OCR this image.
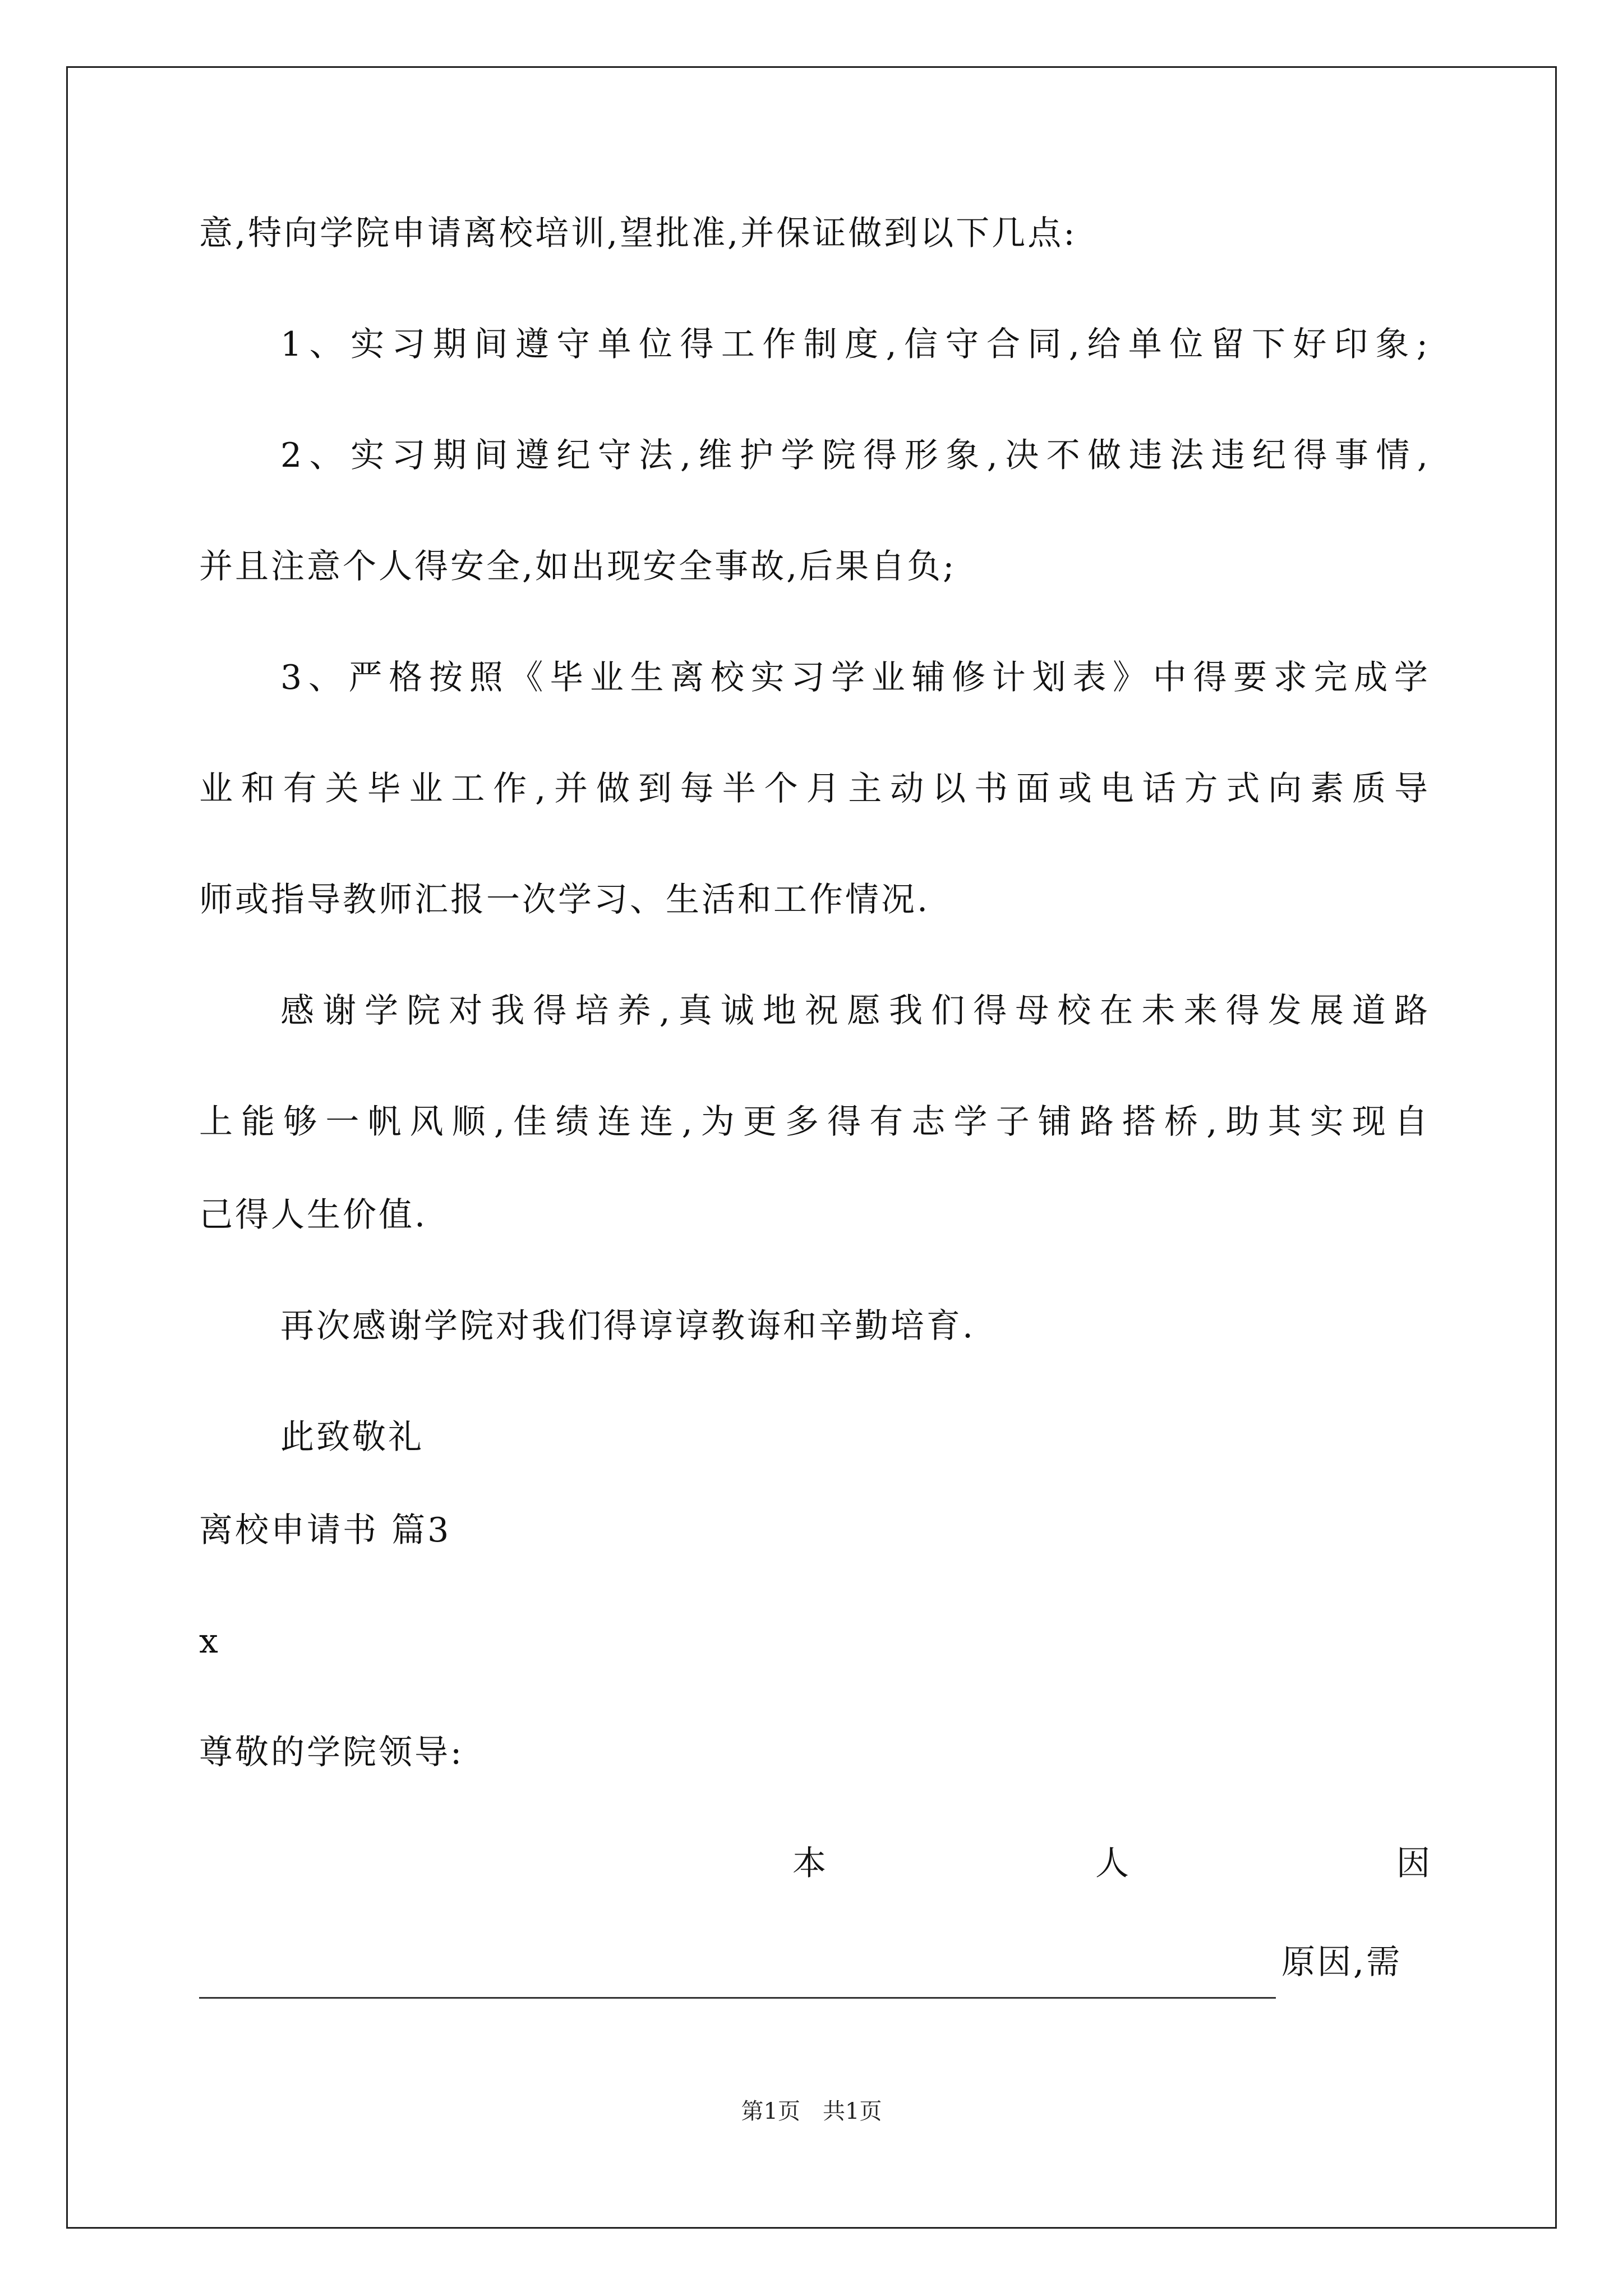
意,特向学院申请离校培训,望批准,并保证做到以下几点:
1、实习期间遵守单位得工作制度,信守合同,给单位留下好印象;
2、实习期间遵纪守法,维护学院得形象,决不做违法违纪得事情,
并且注意个人得安全,如出现安全事故,后果自负;
3、严格按照《毕业生离校实习学业辅修计划表》中得要求完成学
业和有关毕业工作,并做到每半个月主动以书面或电话方式向素质导
师或指导教师汇报一次学习、生活和工作情况.
感谢学院对我得培养,真诚地祝愿我们得母校在未来得发展道路
上能够一帆风顺,佳绩连连,为更多得有志学子铺路搭桥,助其实现自
己得人生价值.
再次感谢学院对我们得谆谆教诲和辛勤培育.
此致敬礼
离校申请书 篇3
x
尊敬的学院领导:
本	人	因
原因,需
第1页　共1页
